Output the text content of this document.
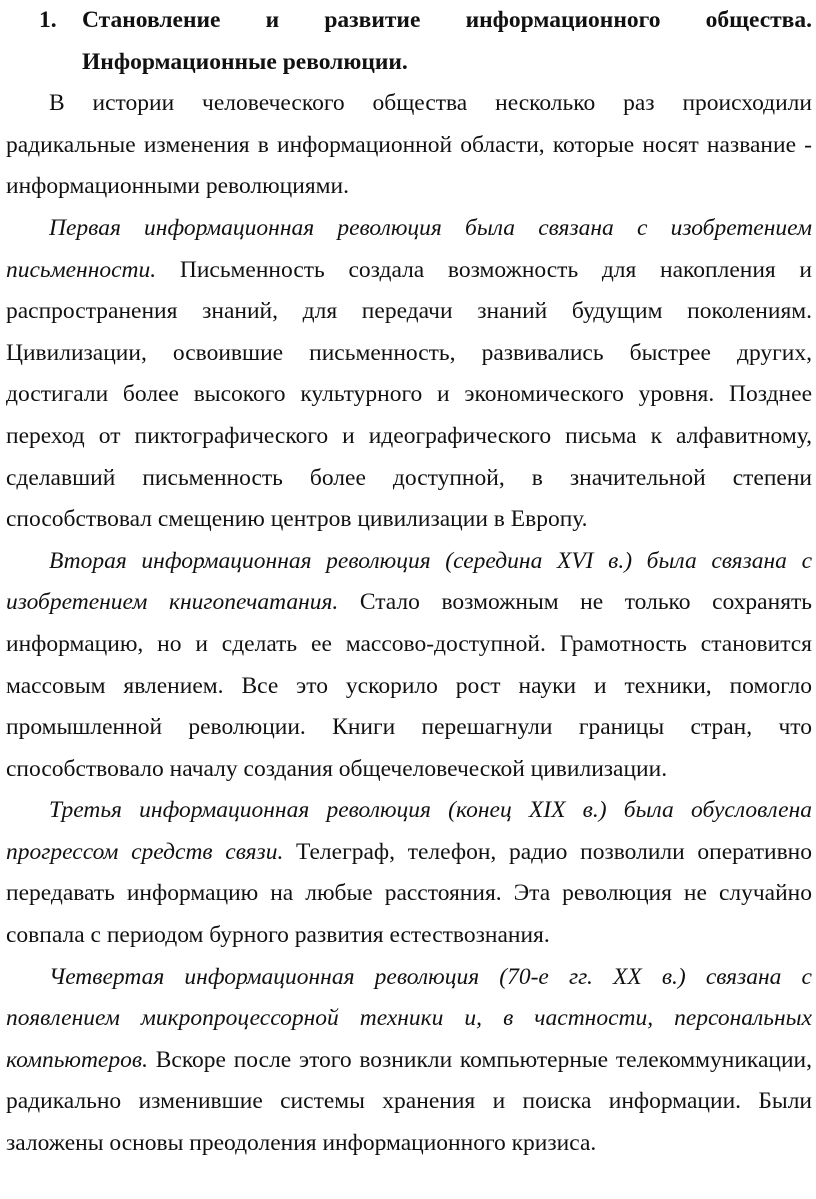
1.	Становление и развитие информационного общества. Информационные революции.

В истории человеческого общества несколько раз происходили радикальные изменения в информационной области, которые носят название - информационными революциями.

Первая информационная революция была связана с изобретением письменности. Письменность создала возможность для накопления и распространения знаний, для передачи знаний будущим поколениям. Цивилизации, освоившие письменность, развивались быстрее других, достигали более высокого культурного и экономического уровня. Позднее переход от пиктографического и идеографического письма к алфавитному, сделавший письменность более доступной, в значительной степени способствовал смещению центров цивилизации в Европу.

Вторая информационная революция (середина XVI в.) была связана с изобретением книгопечатания. Стало возможным не только сохранять информацию, но и сделать ее массово-доступной. Грамотность становится массовым явлением. Все это ускорило рост науки и техники, помогло промышленной революции. Книги перешагнули границы стран, что способствовало началу создания общечеловеческой цивилизации.

Третья информационная революция (конец XIX в.) была обусловлена прогрессом средств связи. Телеграф, телефон, радио позволили оперативно передавать информацию на любые расстояния. Эта революция не случайно совпала с периодом бурного развития естествознания.

Четвертая информационная революция (70-е гг. XX в.) связана с появлением микропроцессорной техники и, в частности, персональных компьютеров. Вскоре после этого возникли компьютерные телекоммуникации, радикально изменившие системы хранения и поиска информации. Были заложены основы преодоления информационного кризиса.
